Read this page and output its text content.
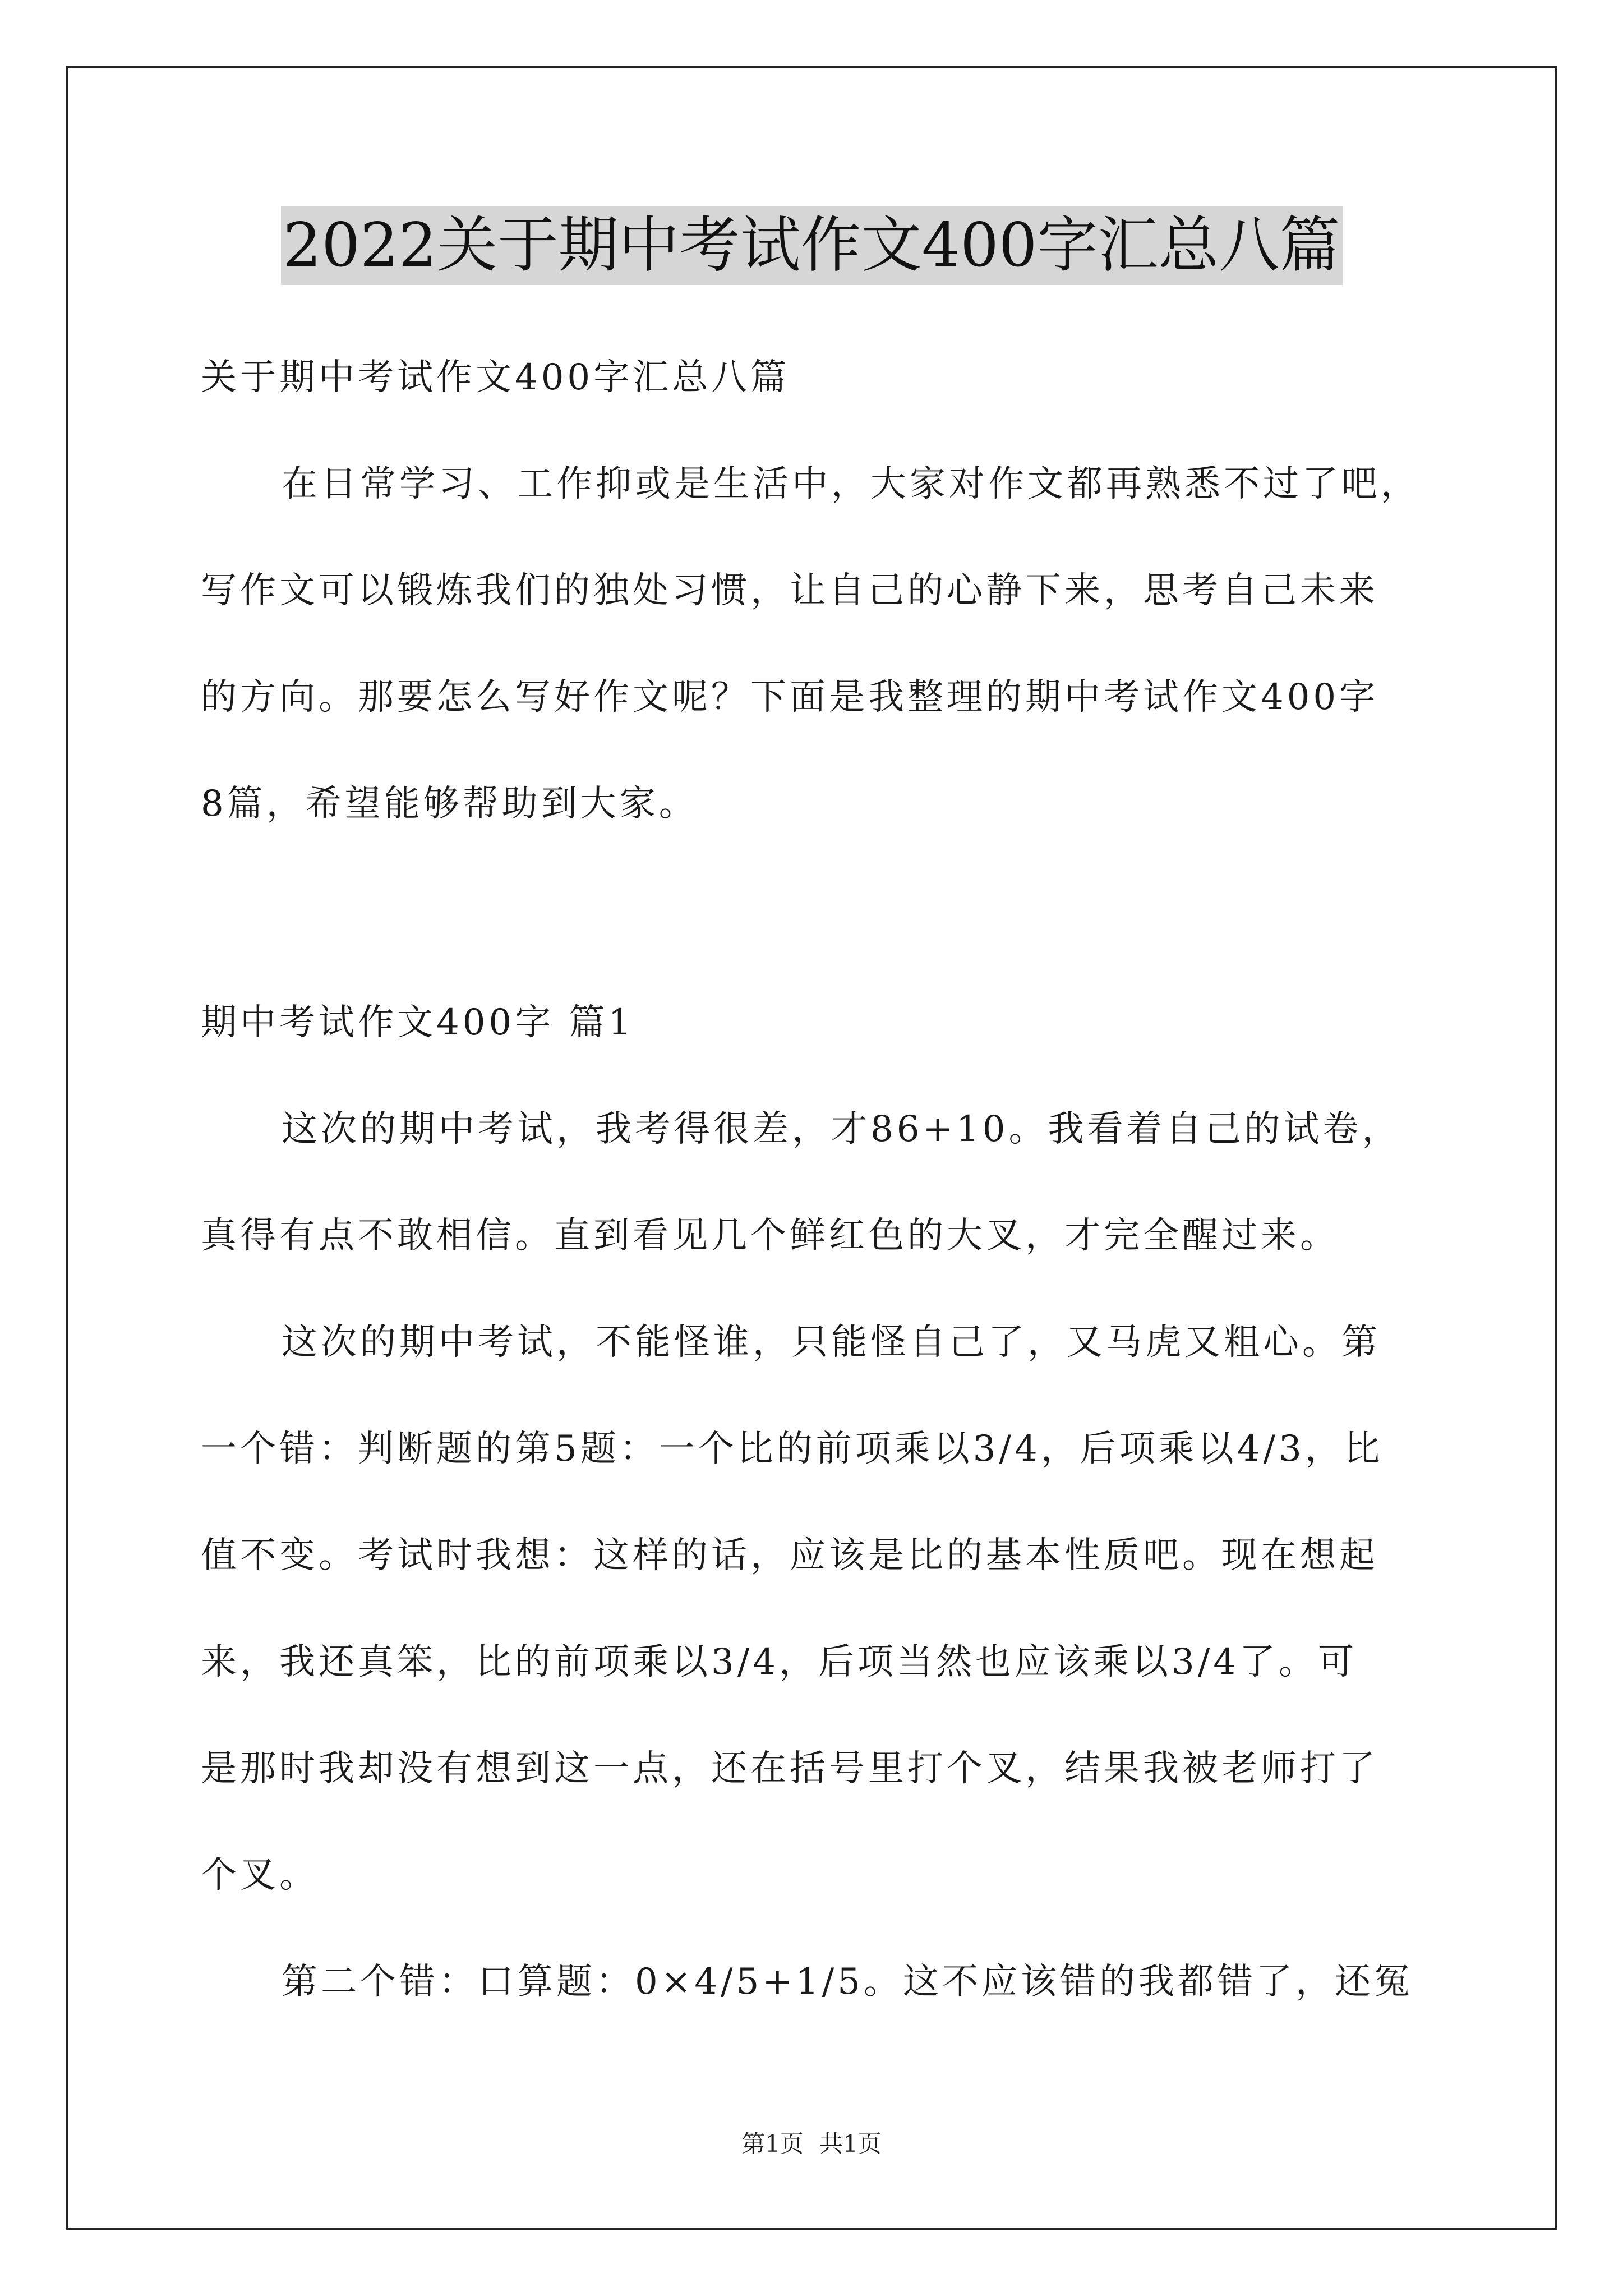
2022关于期中考试作文400字汇总八篇
关于期中考试作文400字汇总八篇
在日常学习、工作抑或是生活中，大家对作文都再熟悉不过了吧，
写作文可以锻炼我们的独处习惯，让自己的心静下来，思考自己未来
的方向。那要怎么写好作文呢？下面是我整理的期中考试作文400字
8篇，希望能够帮助到大家。
期中考试作文400字 篇1
这次的期中考试，我考得很差，才86+10。我看着自己的试卷，
真得有点不敢相信。直到看见几个鲜红色的大叉，才完全醒过来。
这次的期中考试，不能怪谁，只能怪自己了，又马虎又粗心。第
一个错：判断题的第5题：一个比的前项乘以3/4，后项乘以4/3，比
值不变。考试时我想：这样的话，应该是比的基本性质吧。现在想起
来，我还真笨，比的前项乘以3/4，后项当然也应该乘以3/4了。可
是那时我却没有想到这一点，还在括号里打个叉，结果我被老师打了
个叉。
第二个错：口算题：0×4/5+1/5。这不应该错的我都错了，还冤
第1页 共1页
